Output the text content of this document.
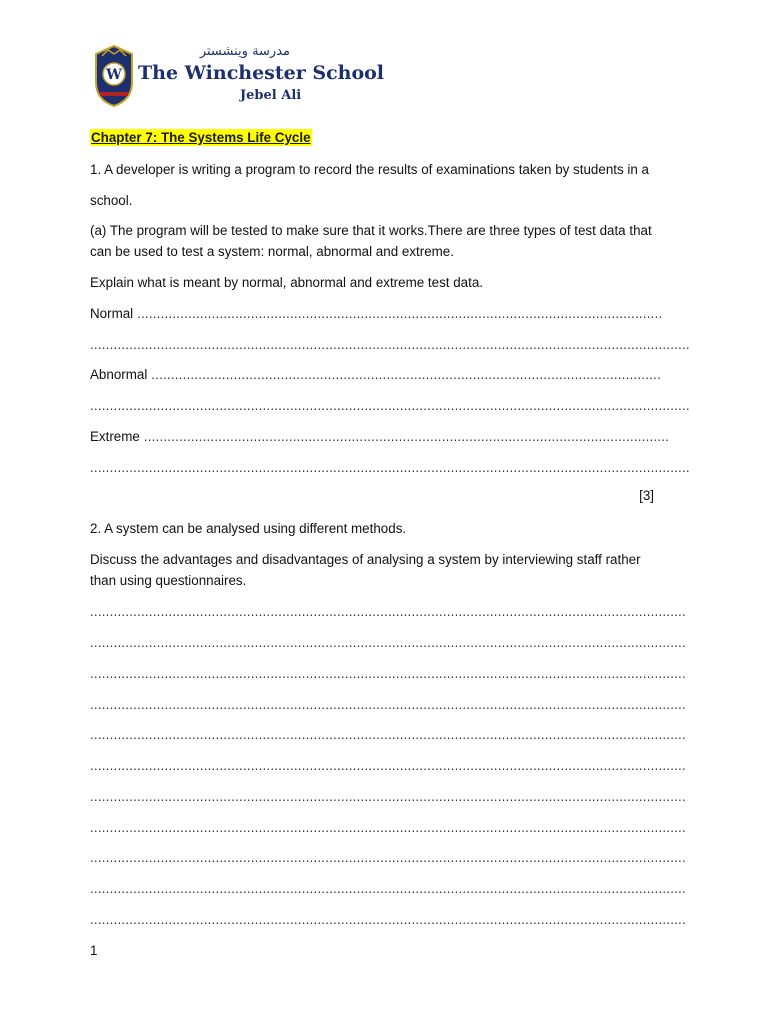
W
مدرسة وينشستر
The Winchester School
Jebel Ali
Chapter 7: The Systems Life Cycle
1. A developer is writing a program to record the results of examinations taken by students in a
school.
(a) The program will be tested to make sure that it works.There are three types of test data that
can be used to test a system: normal, abnormal and extreme.
Explain what is meant by normal, abnormal and extreme test data.
Normal ......................................................................................................................................
.........................................................................................................................................................
Abnormal ..................................................................................................................................
.........................................................................................................................................................
Extreme ......................................................................................................................................
.........................................................................................................................................................
[3]
2. A system can be analysed using different methods.
Discuss the advantages and disadvantages of analysing a system by interviewing staff rather
than using questionnaires.
........................................................................................................................................................
........................................................................................................................................................
........................................................................................................................................................
........................................................................................................................................................
........................................................................................................................................................
........................................................................................................................................................
........................................................................................................................................................
........................................................................................................................................................
........................................................................................................................................................
........................................................................................................................................................
........................................................................................................................................................
1
